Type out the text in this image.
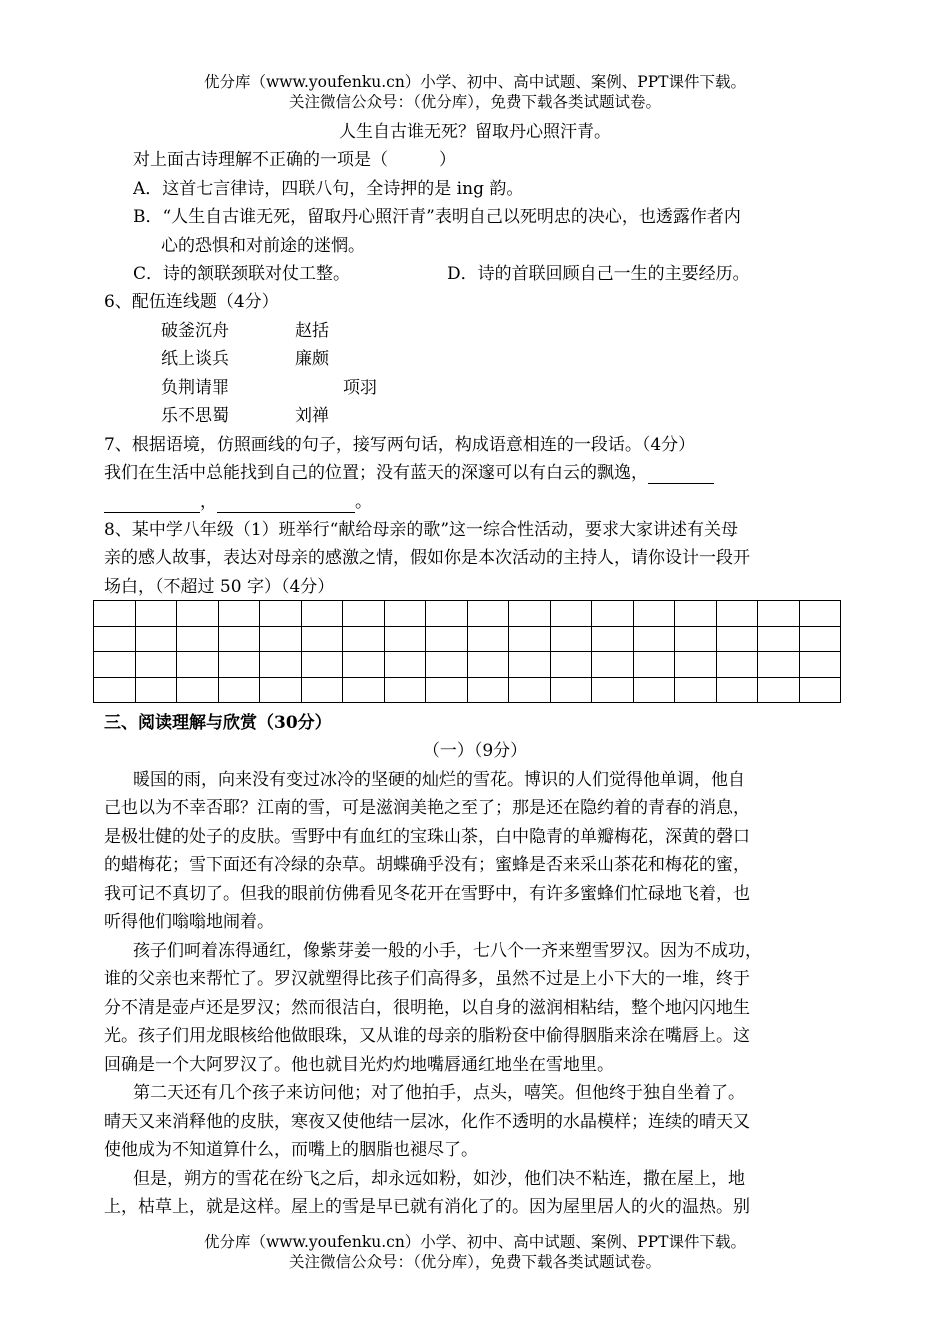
优分库（www.youfenku.cn）小学、初中、高中试题、案例、PPT课件下载。
关注微信公众号：（优分库），免费下载各类试题试卷。
人生自古谁无死？留取丹心照汗青。
对上面古诗理解不正确的一项是（　　　）
A．这首七言律诗，四联八句，全诗押的是 ing 韵。
B．“人生自古谁无死，留取丹心照汗青”表明自己以死明忠的决心，也透露作者内
心的恐惧和对前途的迷惘。
C．诗的颔联颈联对仗工整。	D．诗的首联回顾自己一生的主要经历。
6、配伍连线题（4分）
破釜沉舟	赵括
纸上谈兵	廉颇
负荆请罪	项羽
乐不思蜀	刘禅
7、根据语境，仿照画线的句子，接写两句话，构成语意相连的一段话。（4分）
我们在生活中总能找到自己的位置；没有蓝天的深邃可以有白云的飘逸，
，	。
8、某中学八年级（1）班举行“献给母亲的歌”这一综合性活动，要求大家讲述有关母
亲的感人故事，表达对母亲的感激之情，假如你是本次活动的主持人，请你设计一段开
场白，（不超过 50 字）（4分）

三、阅读理解与欣赏（30分）
（一）（9分）
暖国的雨，向来没有变过冰冷的坚硬的灿烂的雪花。博识的人们觉得他单调，他自
己也以为不幸否耶？江南的雪，可是滋润美艳之至了；那是还在隐约着的青春的消息，
是极壮健的处子的皮肤。雪野中有血红的宝珠山茶，白中隐青的单瓣梅花，深黄的磬口
的蜡梅花；雪下面还有冷绿的杂草。胡蝶确乎没有；蜜蜂是否来采山茶花和梅花的蜜，
我可记不真切了。但我的眼前仿佛看见冬花开在雪野中，有许多蜜蜂们忙碌地飞着，也
听得他们嗡嗡地闹着。
孩子们呵着冻得通红，像紫芽姜一般的小手，七八个一齐来塑雪罗汉。因为不成功，
谁的父亲也来帮忙了。罗汉就塑得比孩子们高得多，虽然不过是上小下大的一堆，终于
分不清是壶卢还是罗汉；然而很洁白，很明艳，以自身的滋润相粘结，整个地闪闪地生
光。孩子们用龙眼核给他做眼珠，又从谁的母亲的脂粉奁中偷得胭脂来涂在嘴唇上。这
回确是一个大阿罗汉了。他也就目光灼灼地嘴唇通红地坐在雪地里。
第二天还有几个孩子来访问他；对了他拍手，点头，嘻笑。但他终于独自坐着了。
晴天又来消释他的皮肤，寒夜又使他结一层冰，化作不透明的水晶模样；连续的晴天又
使他成为不知道算什么，而嘴上的胭脂也褪尽了。
但是，朔方的雪花在纷飞之后，却永远如粉，如沙，他们决不粘连，撒在屋上，地
上，枯草上，就是这样。屋上的雪是早已就有消化了的。因为屋里居人的火的温热。别
优分库（www.youfenku.cn）小学、初中、高中试题、案例、PPT课件下载。
关注微信公众号：（优分库），免费下载各类试题试卷。
